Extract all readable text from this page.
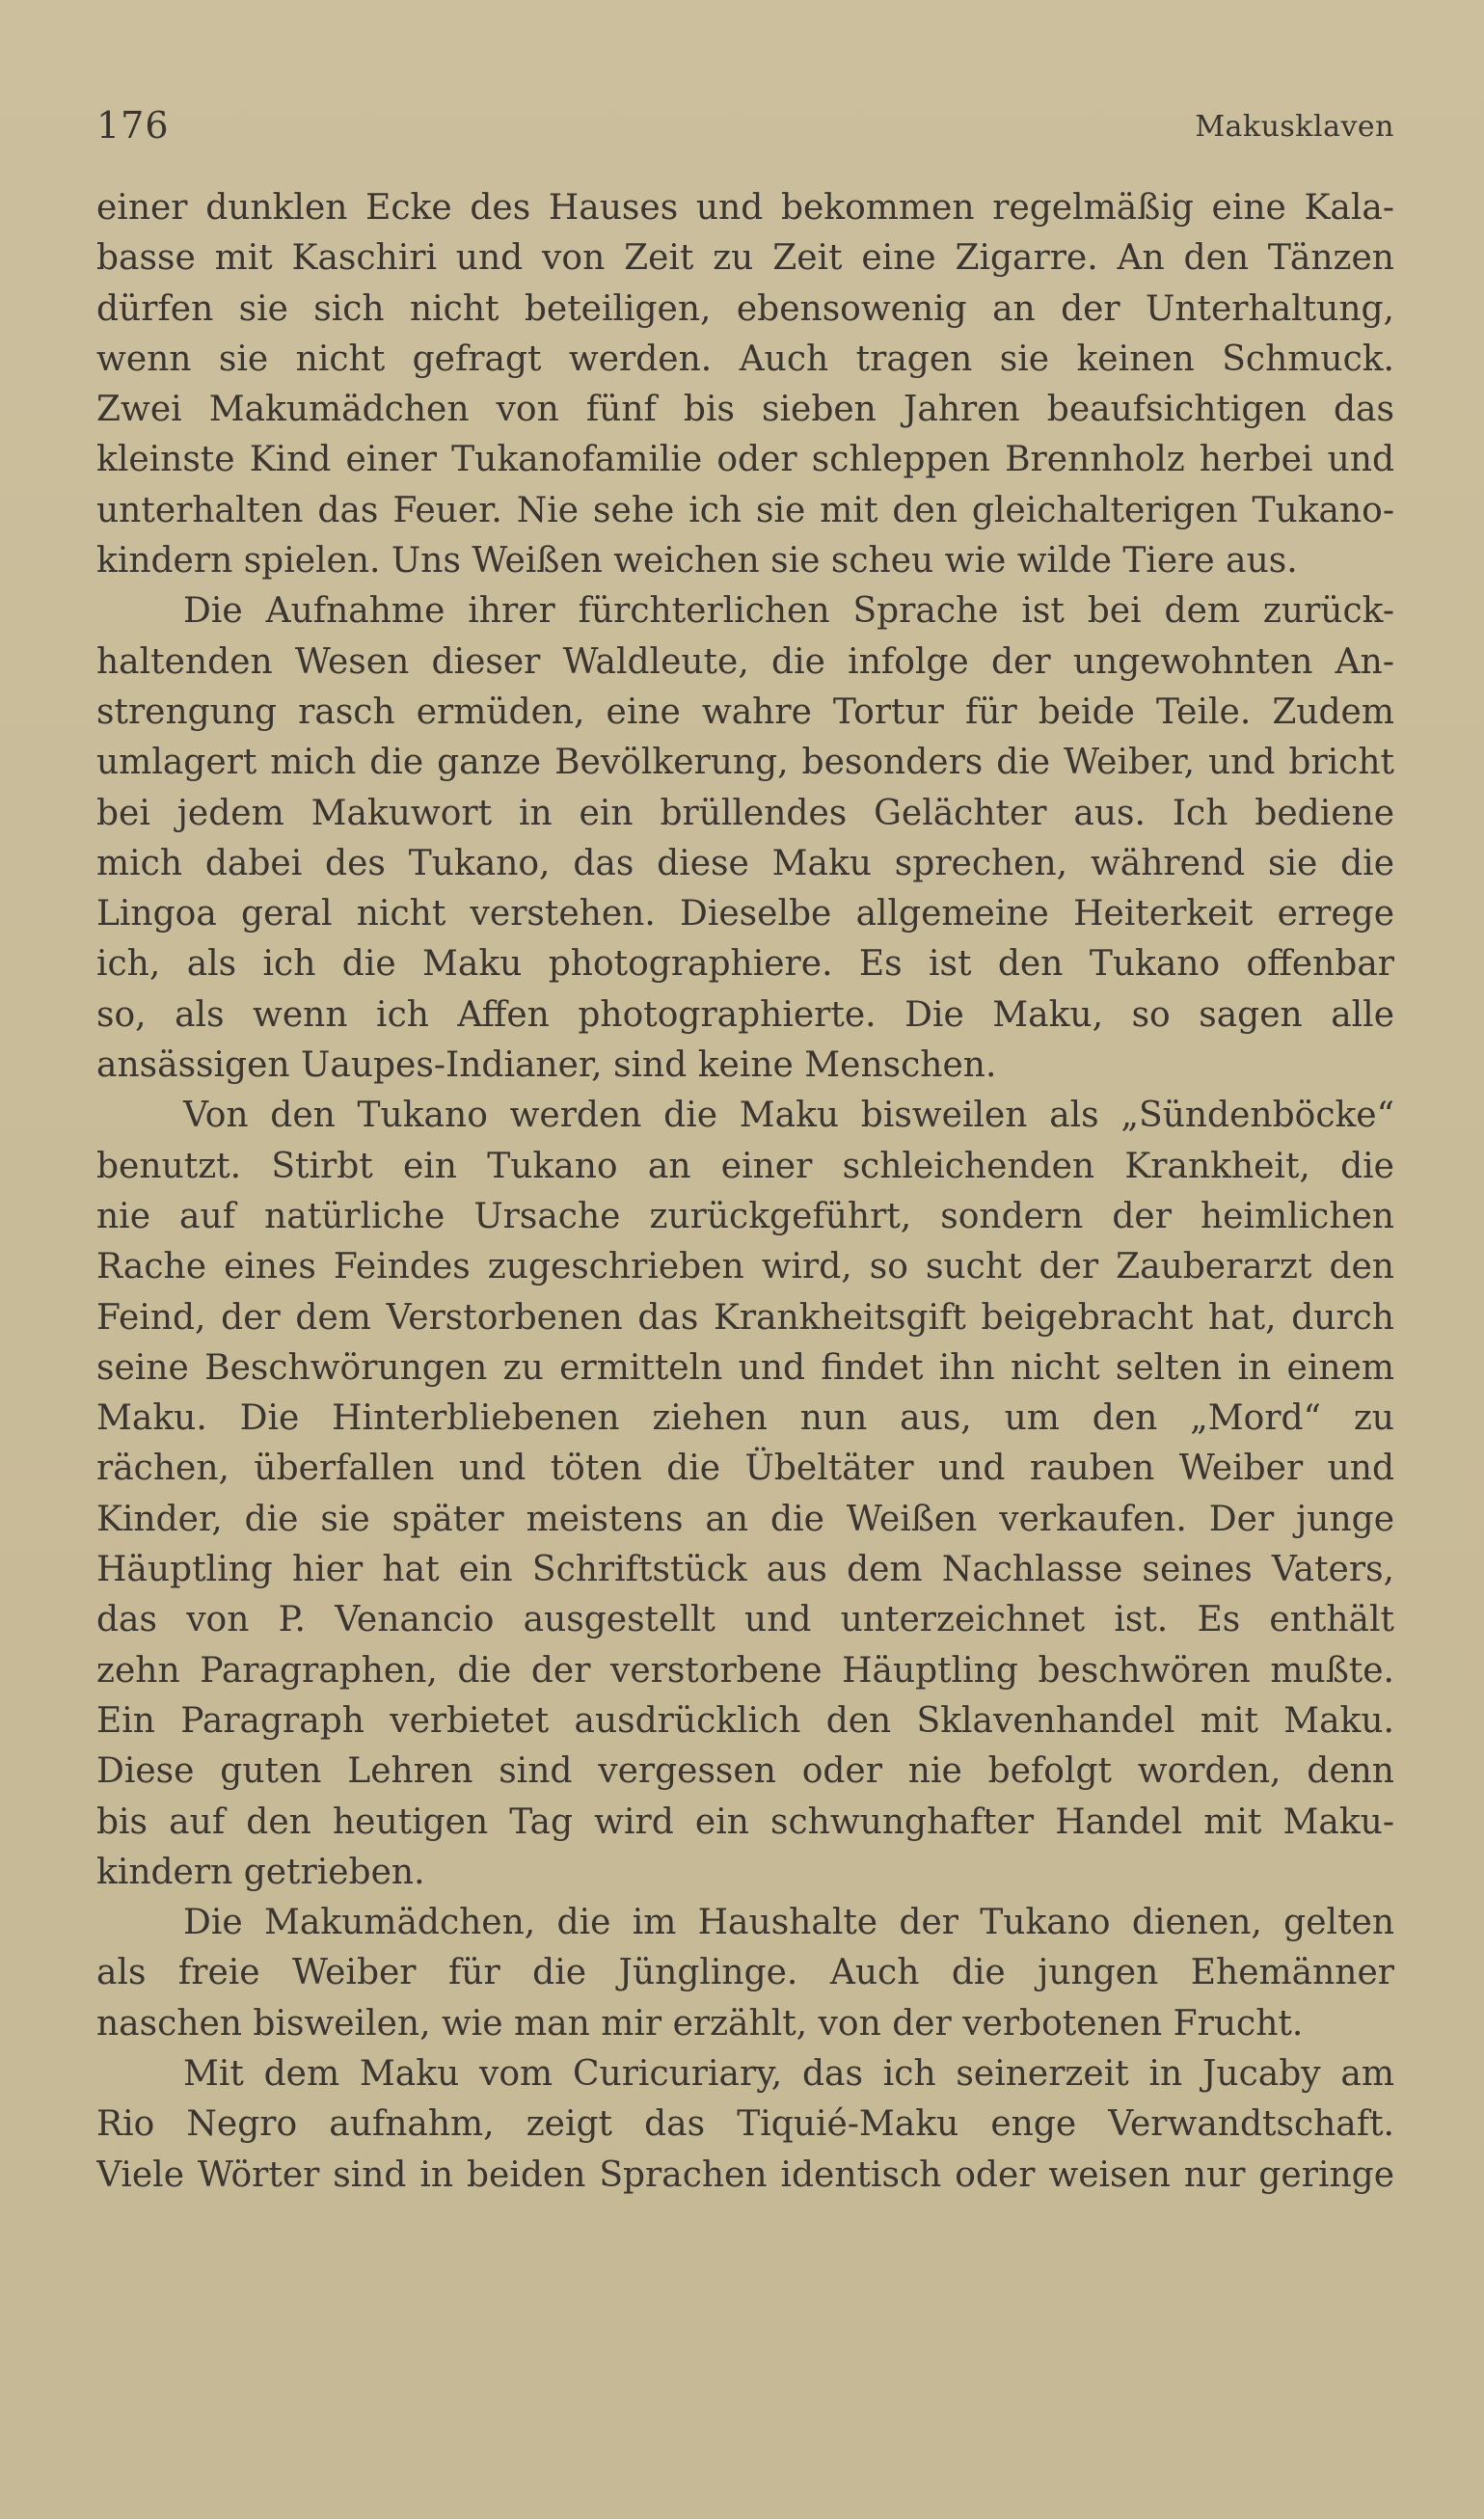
176	Makusklaven
einer dunklen Ecke des Hauses und bekommen regelmäßig eine Kala-
basse mit Kaschiri und von Zeit zu Zeit eine Zigarre. An den Tänzen
dürfen sie sich nicht beteiligen, ebensowenig an der Unterhaltung,
wenn sie nicht gefragt werden. Auch tragen sie keinen Schmuck.
Zwei Makumädchen von fünf bis sieben Jahren beaufsichtigen das
kleinste Kind einer Tukanofamilie oder schleppen Brennholz herbei und
unterhalten das Feuer. Nie sehe ich sie mit den gleichalterigen Tukano-
kindern spielen. Uns Weißen weichen sie scheu wie wilde Tiere aus.
Die Aufnahme ihrer fürchterlichen Sprache ist bei dem zurück-
haltenden Wesen dieser Waldleute, die infolge der ungewohnten An-
strengung rasch ermüden, eine wahre Tortur für beide Teile. Zudem
umlagert mich die ganze Bevölkerung, besonders die Weiber, und bricht
bei jedem Makuwort in ein brüllendes Gelächter aus. Ich bediene
mich dabei des Tukano, das diese Maku sprechen, während sie die
Lingoa geral nicht verstehen. Dieselbe allgemeine Heiterkeit errege
ich, als ich die Maku photographiere. Es ist den Tukano offenbar
so, als wenn ich Affen photographierte. Die Maku, so sagen alle
ansässigen Uaupes-Indianer, sind keine Menschen.
Von den Tukano werden die Maku bisweilen als „Sündenböcke“
benutzt. Stirbt ein Tukano an einer schleichenden Krankheit, die
nie auf natürliche Ursache zurückgeführt, sondern der heimlichen
Rache eines Feindes zugeschrieben wird, so sucht der Zauberarzt den
Feind, der dem Verstorbenen das Krankheitsgift beigebracht hat, durch
seine Beschwörungen zu ermitteln und findet ihn nicht selten in einem
Maku. Die Hinterbliebenen ziehen nun aus, um den „Mord“ zu
rächen, überfallen und töten die Übeltäter und rauben Weiber und
Kinder, die sie später meistens an die Weißen verkaufen. Der junge
Häuptling hier hat ein Schriftstück aus dem Nachlasse seines Vaters,
das von P. Venancio ausgestellt und unterzeichnet ist. Es enthält
zehn Paragraphen, die der verstorbene Häuptling beschwören mußte.
Ein Paragraph verbietet ausdrücklich den Sklavenhandel mit Maku.
Diese guten Lehren sind vergessen oder nie befolgt worden, denn
bis auf den heutigen Tag wird ein schwunghafter Handel mit Maku-
kindern getrieben.
Die Makumädchen, die im Haushalte der Tukano dienen, gelten
als freie Weiber für die Jünglinge. Auch die jungen Ehemänner
naschen bisweilen, wie man mir erzählt, von der verbotenen Frucht.
Mit dem Maku vom Curicuriary, das ich seinerzeit in Jucaby am
Rio Negro aufnahm, zeigt das Tiquié-Maku enge Verwandtschaft.
Viele Wörter sind in beiden Sprachen identisch oder weisen nur geringe
